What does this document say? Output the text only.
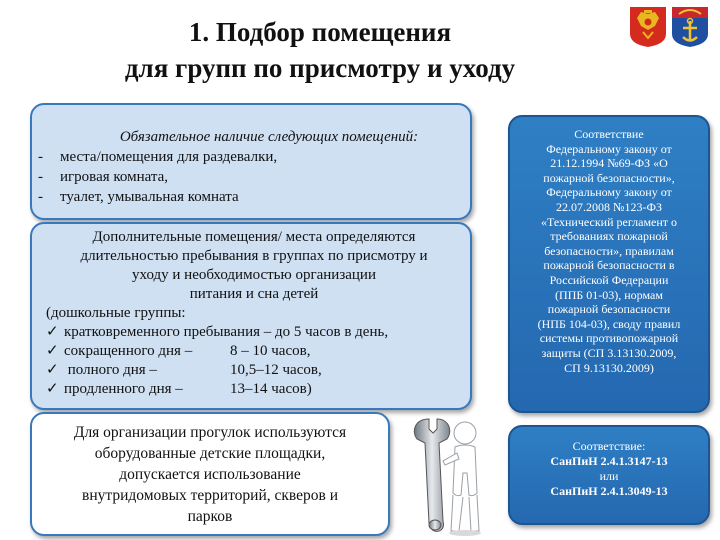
1. Подбор помещения
для групп по присмотру и уходу
Обязательное наличие следующих помещений:
-	места/помещения для раздевалки,
-	игровая комната,
-	туалет, умывальная комната
Дополнительные помещения/ места определяются
длительностью пребывания в группах по присмотру и
уходу и необходимостью организации
питания и сна детей
(дошкольные группы:
✓ кратковременного пребывания – до 5 часов в день,
✓ сокращенного дня –	8 – 10 часов,
✓ полного дня –	10,5–12 часов,
✓ продленного дня –	13–14 часов)
Для организации прогулок используются
оборудованные детские площадки,
допускается использование
внутридомовых территорий, скверов и
парков
Соответствие
Федеральному закону от
21.12.1994 №69-ФЗ «О
пожарной безопасности»,
Федеральному закону от
22.07.2008 №123-ФЗ
«Технический регламент о
требованиях пожарной
безопасности», правилам
пожарной безопасности в
Российской Федерации
(ППБ 01-03), нормам
пожарной безопасности
(НПБ 104-03), своду правил
системы противопожарной
защиты (СП 3.13130.2009,
СП 9.13130.2009)
Соответствие:
СанПиН 2.4.1.3147-13
или
СанПиН 2.4.1.3049-13
